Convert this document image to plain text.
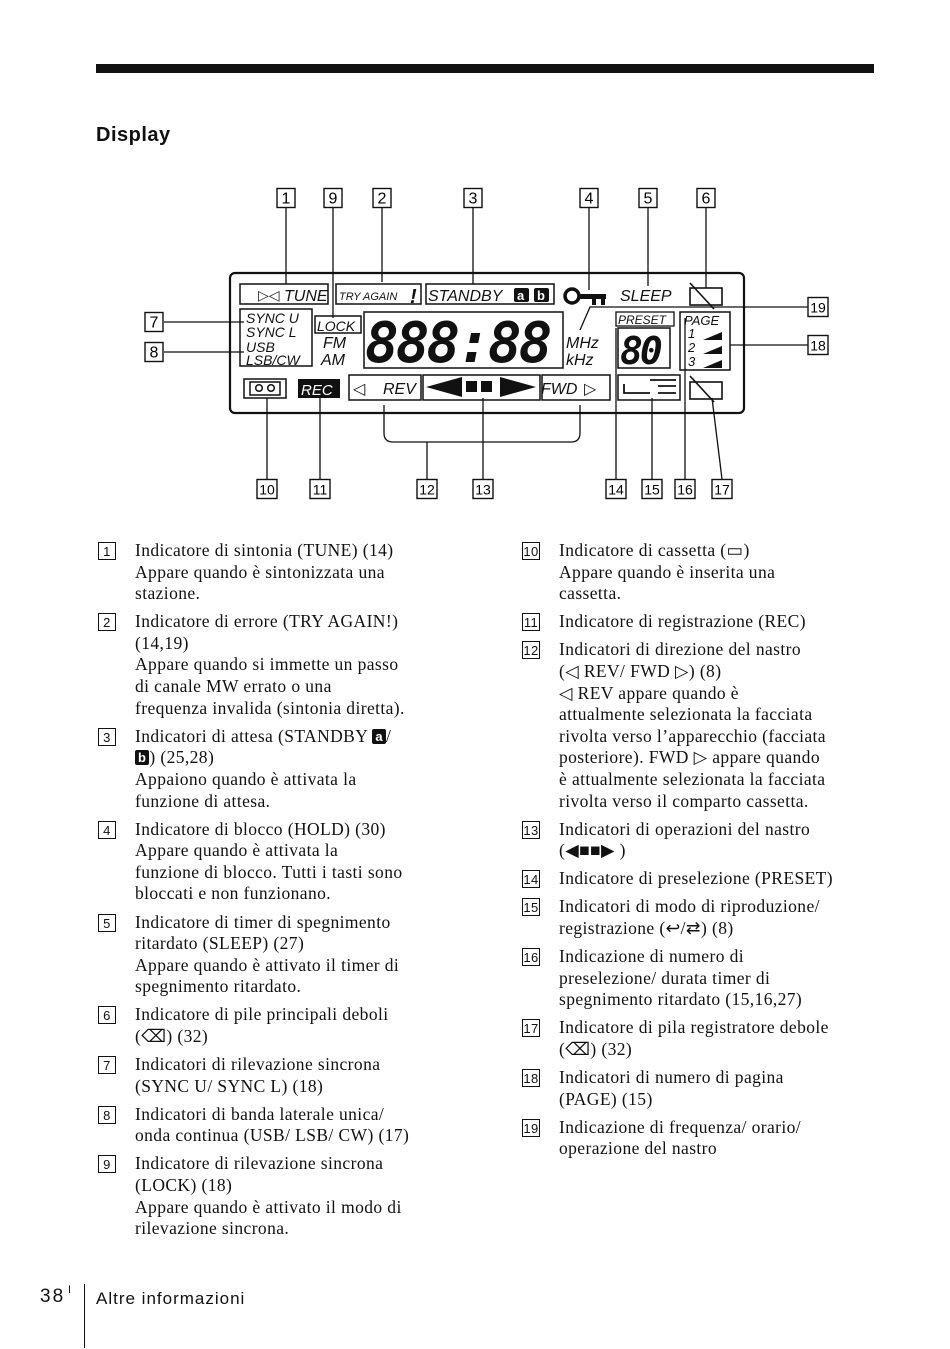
Display
1 9	2	3	4	5	6
7
8
19
18
10	11	12	13	14 15 16 17
▷◁ TUNE TRY AGAIN ! STANDBY a b	SLEEP
SYNC U
SYNC L
USB
LSB/CW
LOCK
FM
AM 888:88 MHz
kHz
PRESET
80
PAGE
1
2
3
REC ◁ REV	FWD ▷
1 Indicatore di sintonia (TUNE) (14)
Appare quando è sintonizzata una
stazione.
2 Indicatore di errore (TRY AGAIN!)
(14,19)
Appare quando si immette un passo
di canale MW errato o una
frequenza invalida (sintonia diretta).
3 Indicatori di attesa (STANDBY a /
b ) (25,28)
Appaiono quando è attivata la
funzione di attesa.
4 Indicatore di blocco (HOLD) (30)
Appare quando è attivata la
funzione di blocco. Tutti i tasti sono
bloccati e non funzionano.
5 Indicatore di timer di spegnimento
ritardato (SLEEP) (27)
Appare quando è attivato il timer di
spegnimento ritardato.
6 Indicatore di pile principali deboli
(⌫) (32)
7 Indicatori di rilevazione sincrona
(SYNC U/ SYNC L) (18)
8 Indicatori di banda laterale unica/
onda continua (USB/ LSB/ CW) (17)
9 Indicatore di rilevazione sincrona
(LOCK) (18)
Appare quando è attivato il modo di
rilevazione sincrona.
10 Indicatore di cassetta (▭)
Appare quando è inserita una
cassetta.
11 Indicatore di registrazione (REC)
12 Indicatori di direzione del nastro
(◁ REV/ FWD ▷) (8)
◁ REV appare quando è
attualmente selezionata la facciata
rivolta verso l’apparecchio (facciata
posteriore). FWD ▷ appare quando
è attualmente selezionata la facciata
rivolta verso il comparto cassetta.
13 Indicatori di operazioni del nastro
(◀■■▶ )
14 Indicatore di preselezione (PRESET)
15 Indicatori di modo di riproduzione/
registrazione (↩/⇄) (8)
16 Indicazione di numero di
preselezione/ durata timer di
spegnimento ritardato (15,16,27)
17 Indicatore di pila registratore debole
(⌫) (32)
18 Indicatori di numero di pagina
(PAGE) (15)
19 Indicazione di frequenza/ orario/
operazione del nastro
38 I Altre informazioni
